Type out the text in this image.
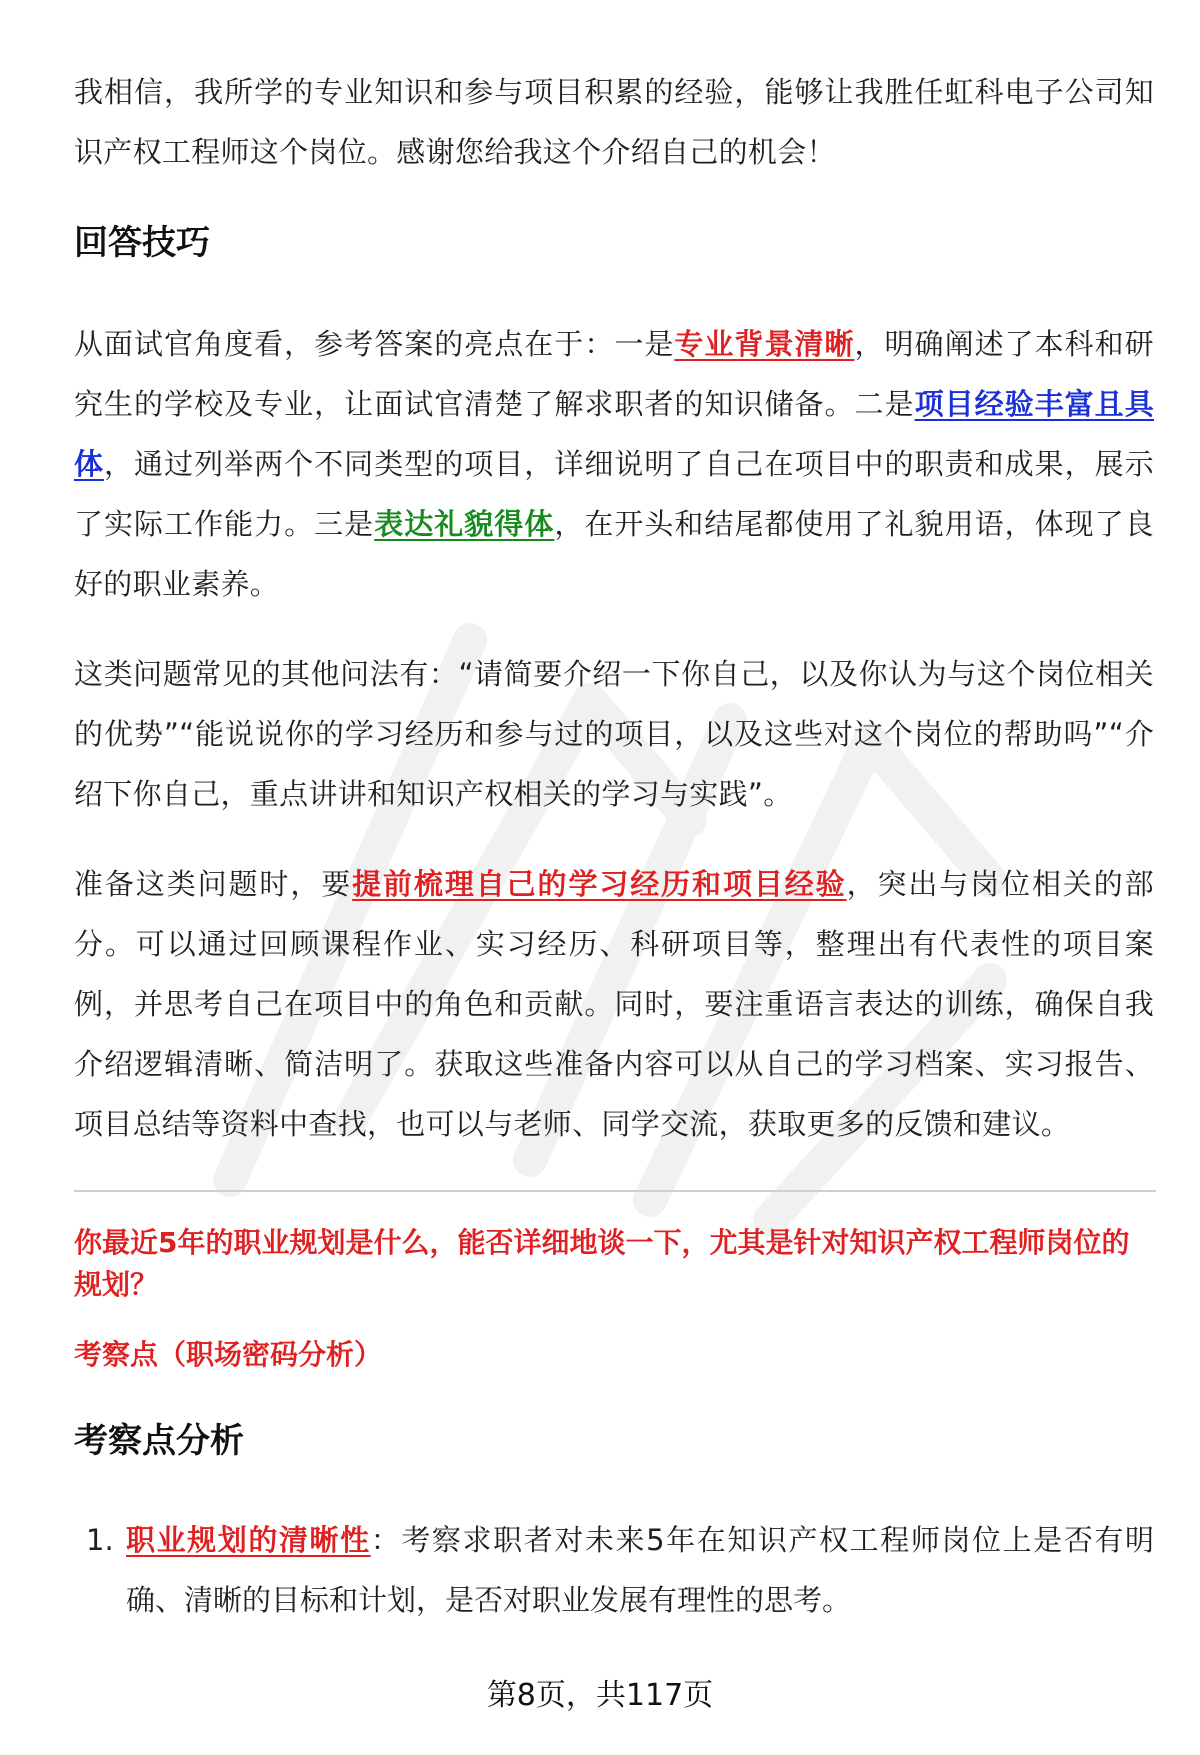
我相信，我所学的专业知识和参与项目积累的经验，能够让我胜任虹科电子公司知识产权工程师这个岗位。感谢您给我这个介绍自己的机会！

回答技巧

从面试官角度看，参考答案的亮点在于：一是专业背景清晰，明确阐述了本科和研究生的学校及专业，让面试官清楚了解求职者的知识储备。二是项目经验丰富且具体，通过列举两个不同类型的项目，详细说明了自己在项目中的职责和成果，展示了实际工作能力。三是表达礼貌得体，在开头和结尾都使用了礼貌用语，体现了良好的职业素养。

这类问题常见的其他问法有：“请简要介绍一下你自己，以及你认为与这个岗位相关的优势”“能说说你的学习经历和参与过的项目，以及这些对这个岗位的帮助吗”“介绍下你自己，重点讲讲和知识产权相关的学习与实践”。

准备这类问题时，要提前梳理自己的学习经历和项目经验，突出与岗位相关的部分。可以通过回顾课程作业、实习经历、科研项目等，整理出有代表性的项目案例，并思考自己在项目中的角色和贡献。同时，要注重语言表达的训练，确保自我介绍逻辑清晰、简洁明了。获取这些准备内容可以从自己的学习档案、实习报告、项目总结等资料中查找，也可以与老师、同学交流，获取更多的反馈和建议。

你最近5年的职业规划是什么，能否详细地谈一下，尤其是针对知识产权工程师岗位的规划？
考察点（职场密码分析）
考察点分析
1. 职业规划的清晰性：考察求职者对未来5年在知识产权工程师岗位上是否有明确、清晰的目标和计划，是否对职业发展有理性的思考。
第8页，共117页
